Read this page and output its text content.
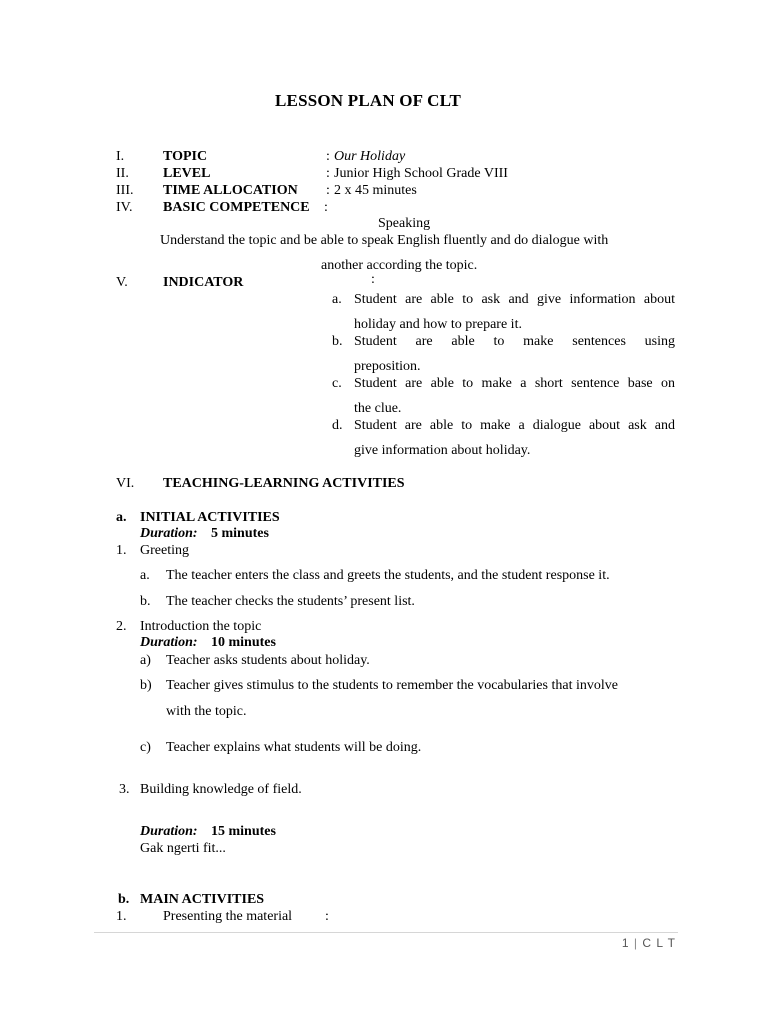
LESSON PLAN OF CLT
I.	TOPIC	: Our Holiday
II. LEVEL	: Junior High School Grade VIII
III. TIME ALLOCATION : 2 x 45 minutes
IV. BASIC COMPETENCE :
Speaking
Understand the topic and be able to speak English fluently and do dialogue with
another according the topic.
V.	INDICATOR	:
a. Student are able to ask and give information about
holiday and how to prepare it.
b. Student are able to make sentences using
preposition.
c. Student are able to make a short sentence base on
the clue.
d. Student are able to make a dialogue about ask and
give information about holiday.
VI. TEACHING-LEARNING ACTIVITIES
a. INITIAL ACTIVITIES
Duration: 5 minutes
1. Greeting
a. The teacher enters the class and greets the students, and the student response it.
b. The teacher checks the students’ present list.
2. Introduction the topic
Duration: 10 minutes
a) Teacher asks students about holiday.
b) Teacher gives stimulus to the students to remember the vocabularies that involve
with the topic.
c) Teacher explains what students will be doing.
3. Building knowledge of field.
Duration: 15 minutes
Gak ngerti fit...
b. MAIN ACTIVITIES
1.	Presenting the material :
1 | C L T
